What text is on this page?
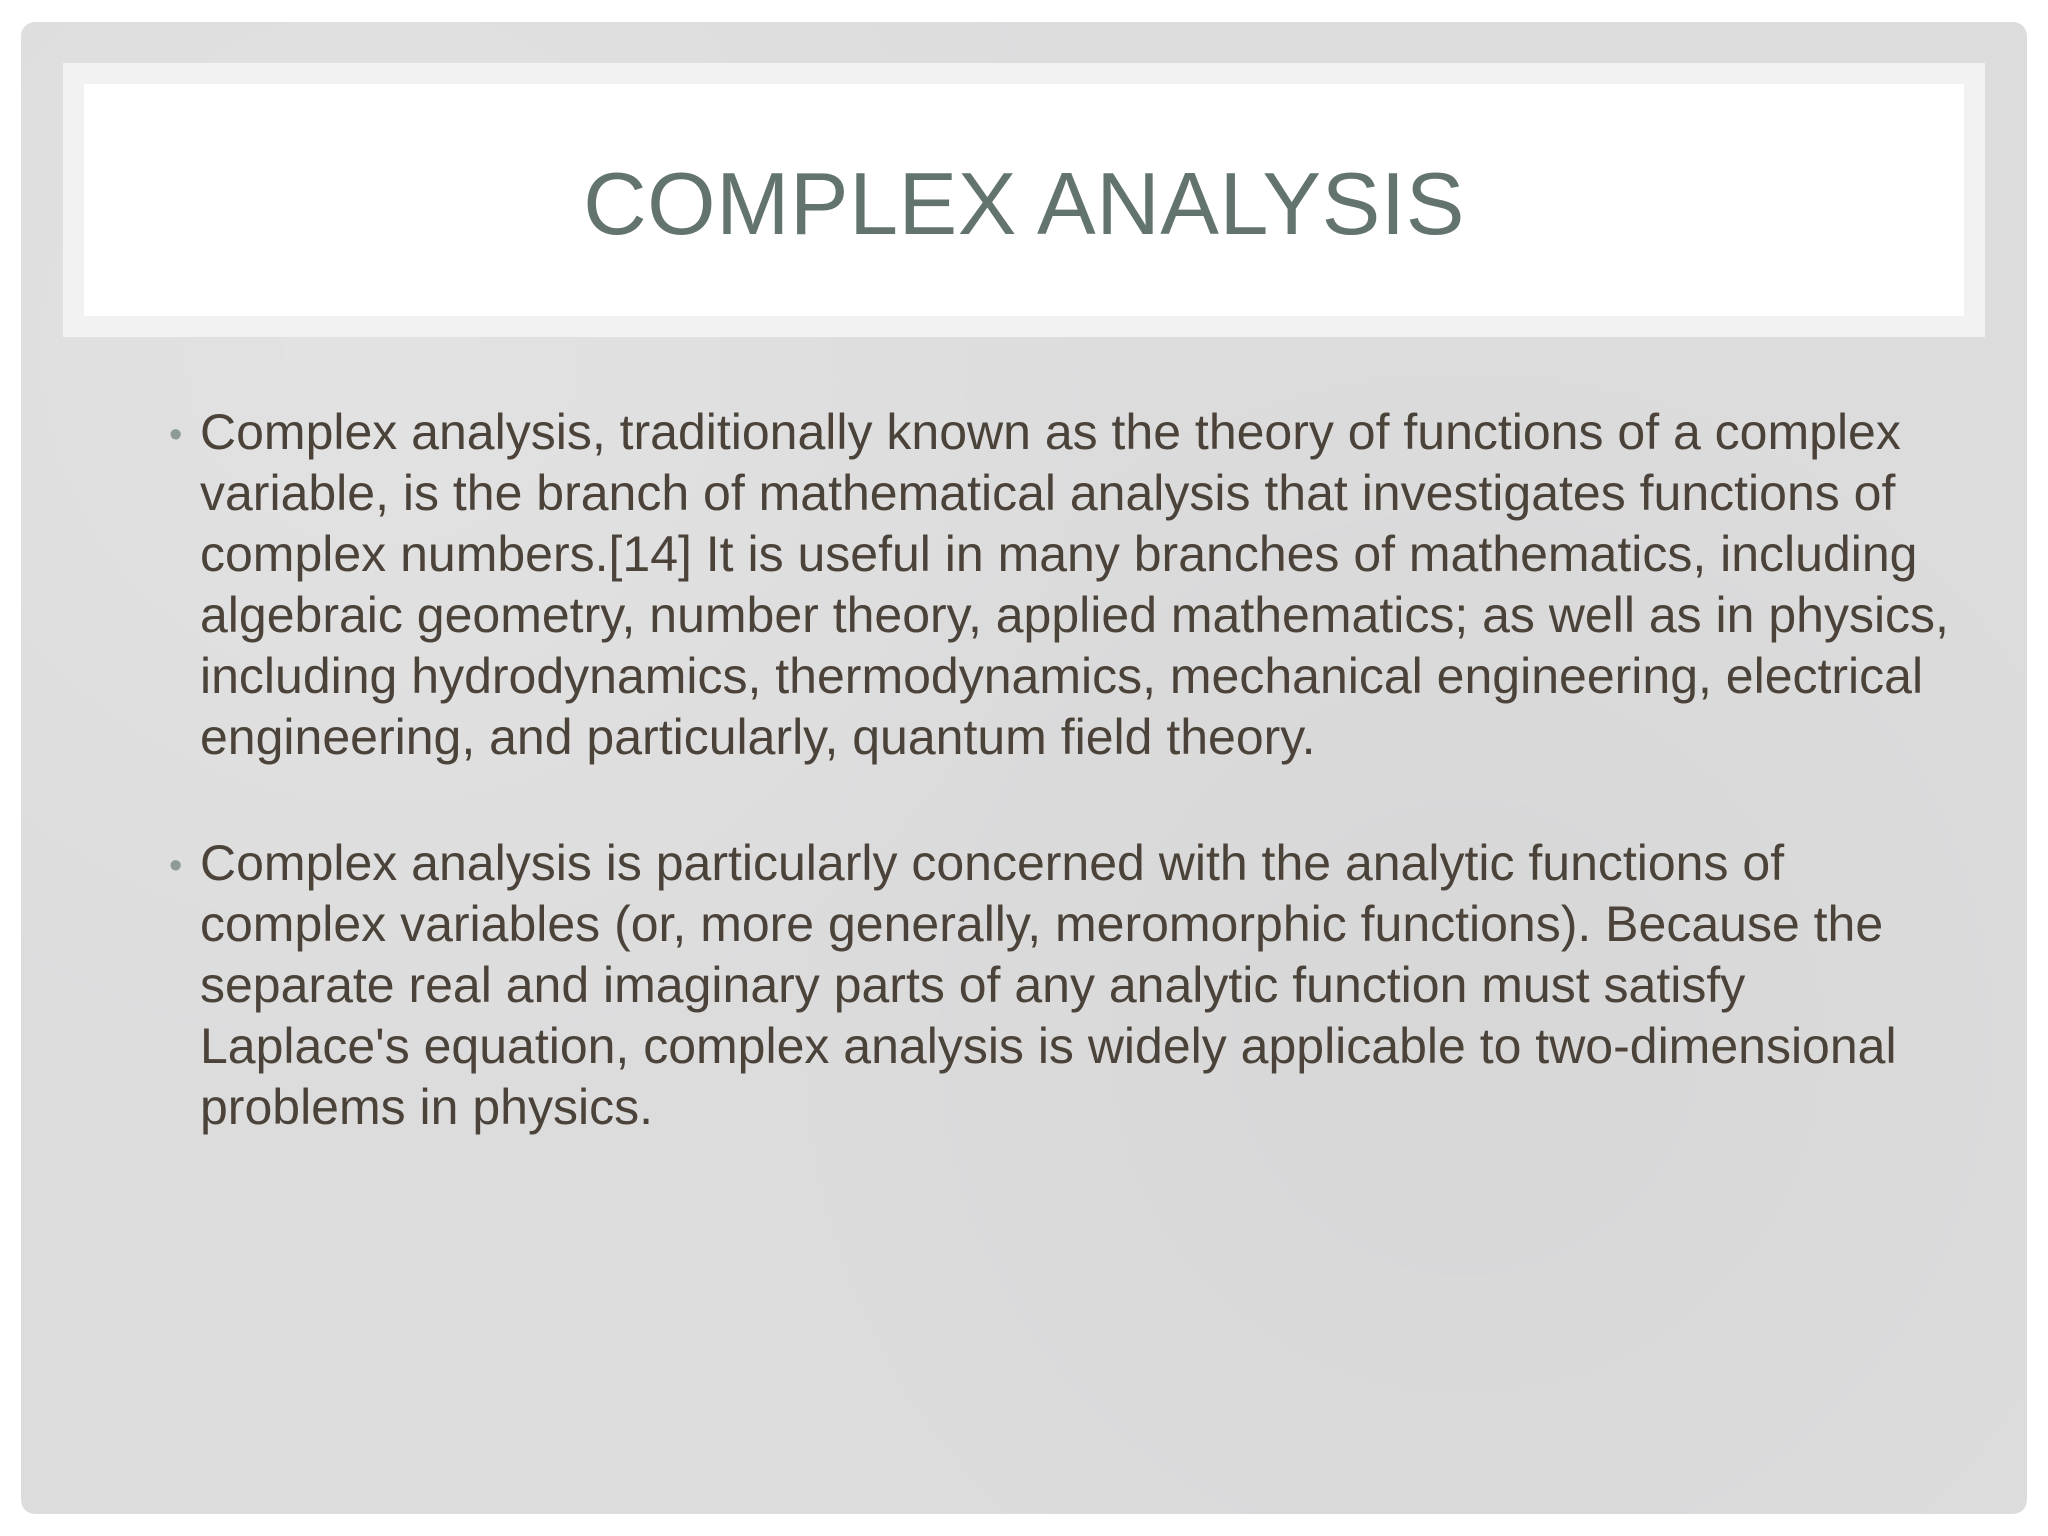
COMPLEX ANALYSIS
• Complex analysis, traditionally known as the theory of functions of a complex variable, is the branch of mathematical analysis that investigates functions of complex numbers.[14] It is useful in many branches of mathematics, including algebraic geometry, number theory, applied mathematics; as well as in physics, including hydrodynamics, thermodynamics, mechanical engineering, electrical engineering, and particularly, quantum field theory.
• Complex analysis is particularly concerned with the analytic functions of complex variables (or, more generally, meromorphic functions). Because the separate real and imaginary parts of any analytic function must satisfy Laplace's equation, complex analysis is widely applicable to two-dimensional problems in physics.
